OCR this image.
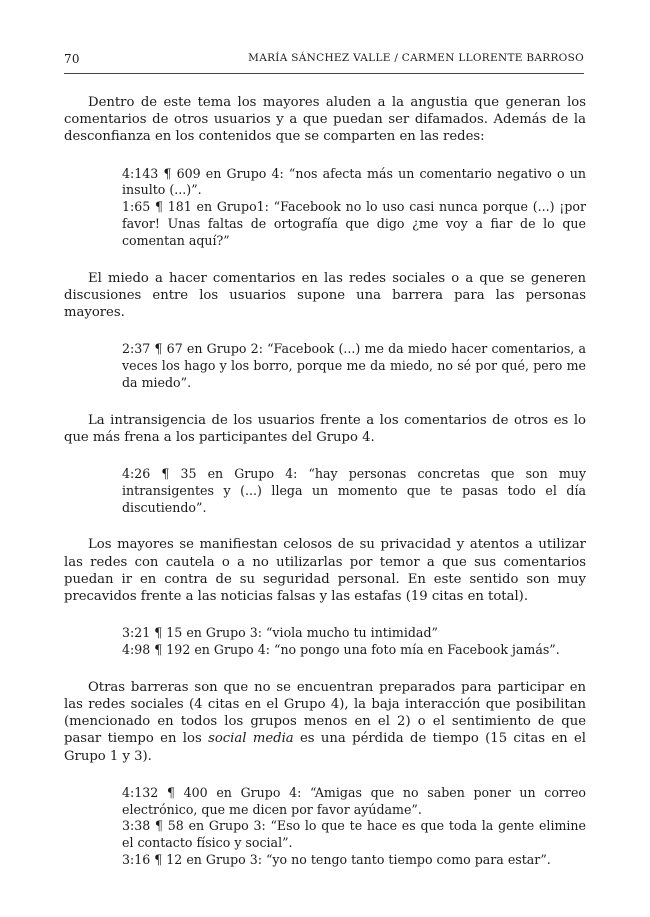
70	MARÍA SÁNCHEZ VALLE / CARMEN LLORENTE BARROSO

Dentro de este tema los mayores aluden a la angustia que generan los comentarios de otros usuarios y a que puedan ser difamados. Además de la desconfianza en los contenidos que se comparten en las redes:

4:143 ¶ 609 en Grupo 4: “nos afecta más un comentario negativo o un insulto (...)”.

1:65 ¶ 181 en Grupo1: “Facebook no lo uso casi nunca porque (...) ¡por favor! Unas faltas de ortografía que digo ¿me voy a fiar de lo que comentan aquí?”

El miedo a hacer comentarios en las redes sociales o a que se generen discusiones entre los usuarios supone una barrera para las personas mayores.

2:37 ¶ 67 en Grupo 2: “Facebook (...) me da miedo hacer comentarios, a veces los hago y los borro, porque me da miedo, no sé por qué, pero me da miedo”.

La intransigencia de los usuarios frente a los comentarios de otros es lo que más frena a los participantes del Grupo 4.

4:26 ¶ 35 en Grupo 4: “hay personas concretas que son muy intransigentes y (...) llega un momento que te pasas todo el día discutiendo”.

Los mayores se manifiestan celosos de su privacidad y atentos a utilizar las redes con cautela o a no utilizarlas por temor a que sus comentarios puedan ir en contra de su seguridad personal. En este sentido son muy precavidos frente a las noticias falsas y las estafas (19 citas en total).

3:21 ¶ 15 en Grupo 3: “viola mucho tu intimidad”

4:98 ¶ 192 en Grupo 4: “no pongo una foto mía en Facebook jamás”.

Otras barreras son que no se encuentran preparados para participar en las redes sociales (4 citas en el Grupo 4), la baja interacción que posibilitan (mencionado en todos los grupos menos en el 2) o el sentimiento de que pasar tiempo en los social media es una pérdida de tiempo (15 citas en el Grupo 1 y 3).

4:132 ¶ 400 en Grupo 4: “Amigas que no saben poner un correo electrónico, que me dicen por favor ayúdame”.

3:38 ¶ 58 en Grupo 3: “Eso lo que te hace es que toda la gente elimine el contacto físico y social”.

3:16 ¶ 12 en Grupo 3: “yo no tengo tanto tiempo como para estar”.
